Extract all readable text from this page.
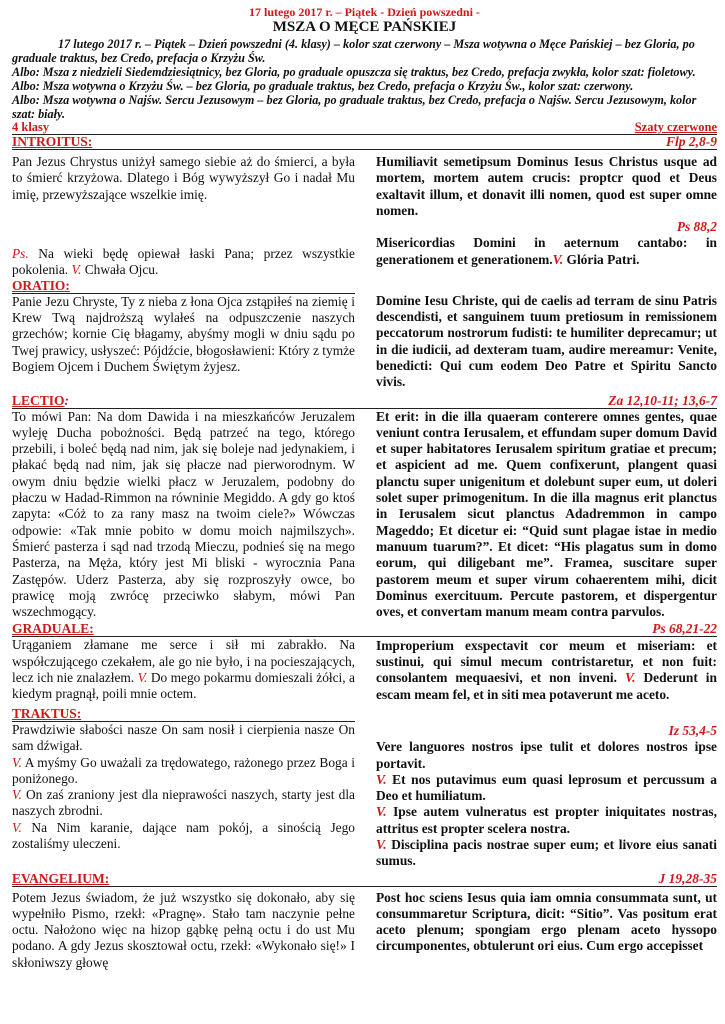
17 lutego 2017 r. – Piątek - Dzień powszedni -
MSZA O MĘCE PAŃSKIEJ

17 lutego 2017 r. – Piątek – Dzień powszedni (4. klasy) – kolor szat czerwony – Msza wotywna o Męce Pańskiej – bez Gloria, po graduale traktus, bez Credo, prefacja o Krzyżu Św.

Albo: Msza z niedzieli Siedemdziesiątnicy, bez Gloria, po graduale opuszcza się traktus, bez Credo, prefacja zwykła, kolor szat: fioletowy.

Albo: Msza wotywna o Krzyżu Św. – bez Gloria, po graduale traktus, bez Credo, prefacja o Krzyżu Św., kolor szat: czerwony.

Albo: Msza wotywna o Najśw. Sercu Jezusowym – bez Gloria, po graduale traktus, bez Credo, prefacja o Najśw. Sercu Jezusowym, kolor szat: biały.

4 klasy	Szaty czerwone
INTROITUS:	Flp 2,8-9

Pan Jezus Chrystus uniżył samego siebie aż do śmierci, a była to śmierć krzyżowa. Dlatego i Bóg wywyższył Go i nadał Mu imię, przewyższające wszelkie imię.

Humiliavit semetipsum Dominus Iesus Christus usque ad mortem, mortem autem crucis: proptcr quod et Deus exaltavit illum, et donavit illi nomen, quod est super omne nomen.

Ps. Na wieki będę opiewał łaski Pana; przez wszystkie pokolenia. V. Chwała Ojcu.

Ps 88,2

Misericordias Domini in aeternum cantabo: in generationem et generationem.V. Glória Patri.

ORATIO:

Panie Jezu Chryste, Ty z nieba z łona Ojca zstąpiłeś na ziemię i Krew Twą najdroższą wylałeś na odpuszczenie naszych grzechów; kornie Cię błagamy, abyśmy mogli w dniu sądu po Twej prawicy, usłyszeć: Pójdźcie, błogosławieni: Który z tymże Bogiem Ojcem i Duchem Świętym żyjesz.

Domine Iesu Christe, qui de caelis ad terram de sinu Patris descendisti, et sanguinem tuum pretiosum in remissionem peccatorum nostrorum fudisti: te humiliter deprecamur; ut in die iudicii, ad dexteram tuam, audire mereamur: Venite, benedicti: Qui cum eodem Deo Patre et Spiritu Sancto vivis.

LECTIO:	Za 12,10-11; 13,6-7

To mówi Pan: Na dom Dawida i na mieszkańców Jeruzalem wyleję Ducha pobożności. Będą patrzeć na tego, którego przebili, i boleć będą nad nim, jak się boleje nad jedynakiem, i płakać będą nad nim, jak się płacze nad pierworodnym. W owym dniu będzie wielki płacz w Jeruzalem, podobny do płaczu w Hadad-Rimmon na równinie Megiddo. A gdy go ktoś zapyta: «Cóż to za rany masz na twoim ciele?» Wówczas odpowie: «Tak mnie pobito w domu moich najmilszych». Śmierć pasterza i sąd nad trzodą Mieczu, podnieś się na mego Pasterza, na Męża, który jest Mi bliski - wyrocznia Pana Zastępów. Uderz Pasterza, aby się rozproszyły owce, bo prawicę moją zwrócę przeciwko słabym, mówi Pan wszechmogący.

Et erit: in die illa quaeram conterere omnes gentes, quae veniunt contra Ierusalem, et effundam super domum David et super habitatores Ierusalem spiritum gratiae et precum; et aspicient ad me. Quem confixerunt, plangent quasi planctu super unigenitum et dolebunt super eum, ut doleri solet super primogenitum. In die illa magnus erit planctus in Ierusalem sicut planctus Adadremmon in campo Mageddo; Et dicetur ei: “Quid sunt plagae istae in medio manuum tuarum?”. Et dicet: “His plagatus sum in domo eorum, qui diligebant me”. Framea, suscitare super pastorem meum et super virum cohaerentem mihi, dicit Dominus exercituum. Percute pastorem, et dispergentur oves, et convertam manum meam contra parvulos.

GRADUALE:

Urąganiem złamane me serce i sił mi zabrakło. Na współczującego czekałem, ale go nie było, i na pocieszających, lecz ich nie znalazłem. V. Do mego pokarmu domieszali żółci, a kiedym pragnął, poili mnie octem.

Ps 68,21-22

Improperium exspectavit cor meum et miseriam: et sustinui, qui simul mecum contristaretur, et non fuit: consolantem mequaesivi, et non inveni. V. Dederunt in escam meam fel, et in siti mea potaverunt me aceto.

TRAKTUS:

Prawdziwie słabości nasze On sam nosił i cierpienia nasze On sam dźwigał.

V. A myśmy Go uważali za trędowatego, rażonego przez Boga i poniżonego.

V. On zaś zraniony jest dla nieprawości naszych, starty jest dla naszych zbrodni.

V. Na Nim karanie, dające nam pokój, a sinością Jego zostaliśmy uleczeni.

Iz 53,4-5

Vere languores nostros ipse tulit et dolores nostros ipse portavit.

V. Et nos putavimus eum quasi leprosum et percussum a Deo et humiliatum.

V. Ipse autem vulneratus est propter iniquitates nostras, attritus est propter scelera nostra.

V. Disciplina pacis nostrae super eum; et livore eius sanati sumus.

EVANGELIUM:	J 19,28-35

Potem Jezus świadom, że już wszystko się dokonało, aby się wypełniło Pismo, rzekł: «Pragnę». Stało tam naczynie pełne octu. Nałożono więc na hizop gąbkę pełną octu i do ust Mu podano. A gdy Jezus skosztował octu, rzekł: «Wykonało się!» I skłoniwszy głowę

Post hoc sciens Iesus quia iam omnia consummata sunt, ut consummaretur Scriptura, dicit: “Sitio”. Vas positum erat aceto plenum; spongiam ergo plenam aceto hyssopo circumponentes, obtulerunt ori eius. Cum ergo accepisset
